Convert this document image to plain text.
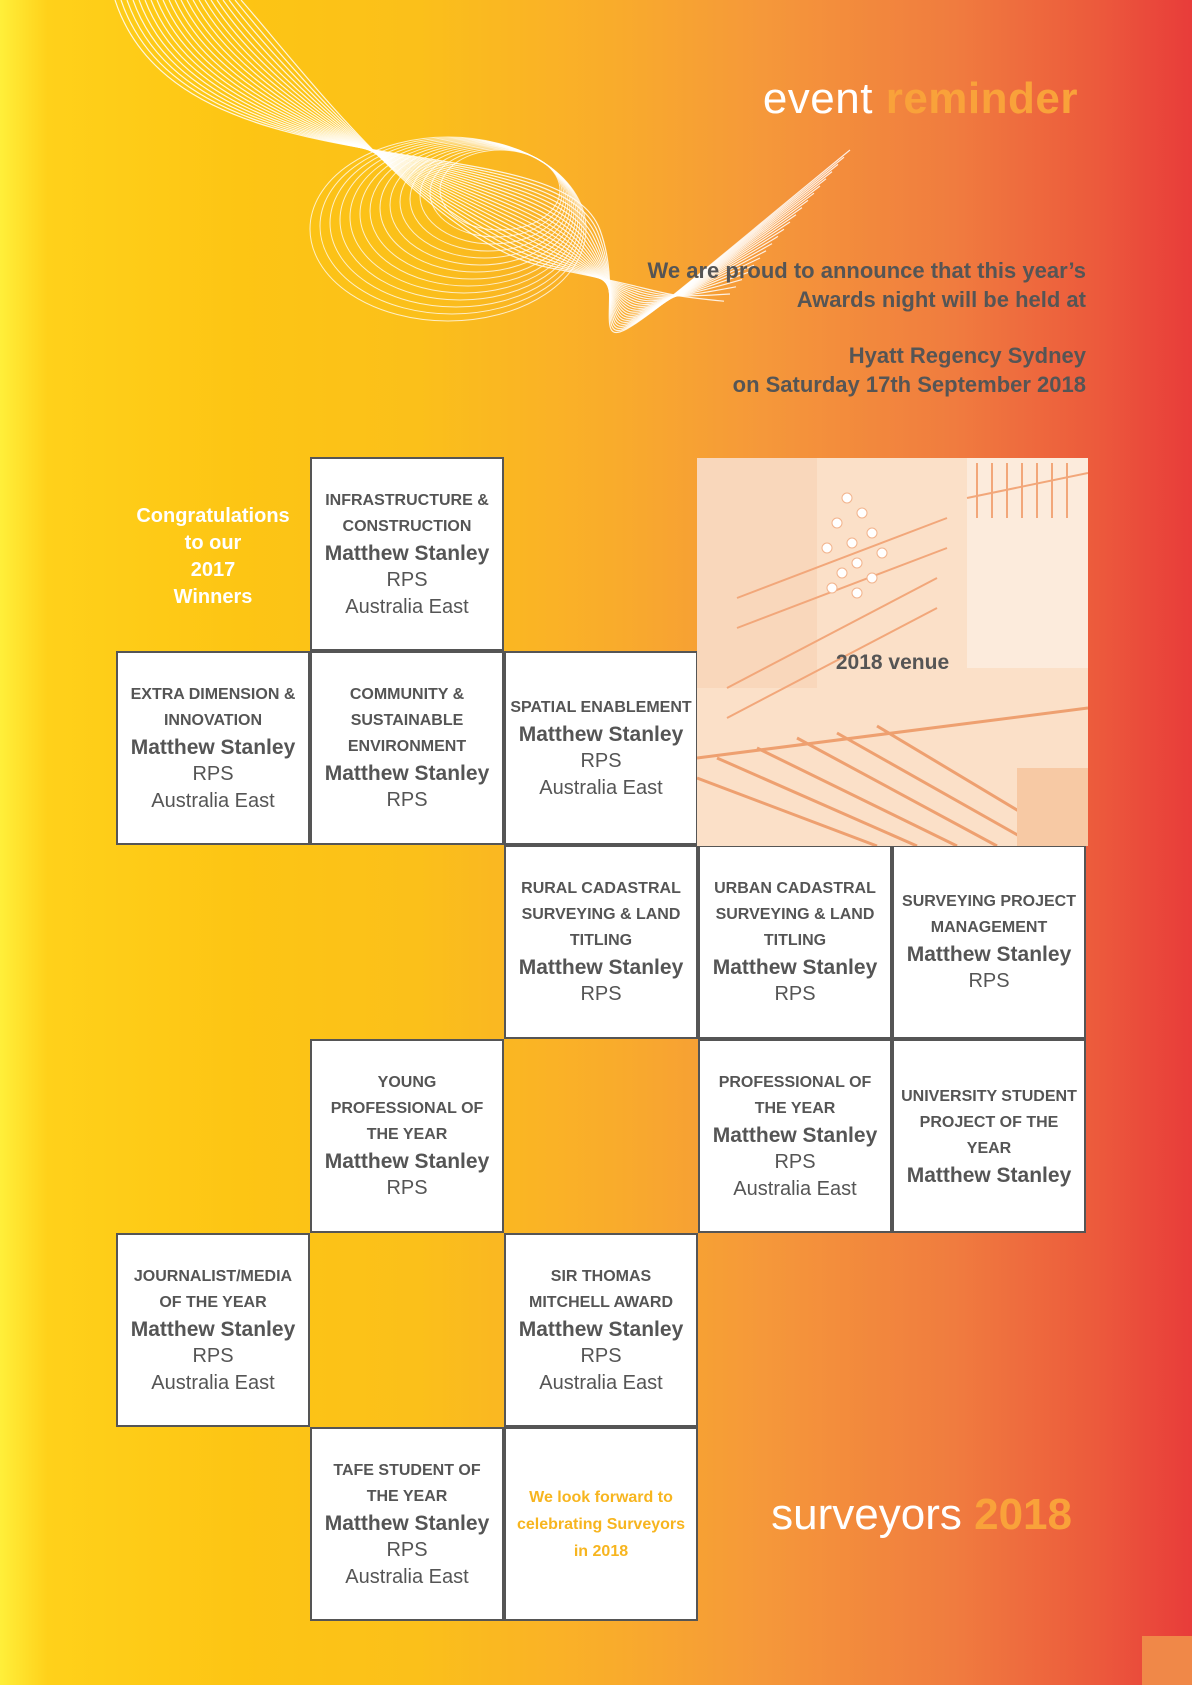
event reminder

We are proud to announce that this year’s

Awards night will be held at

Hyatt Regency Sydney

on Saturday 17th September 2018

Congratulations
to our
2017
Winners
INFRASTRUCTURE & CONSTRUCTION
Matthew Stanley
RPS
Australia East
EXTRA DIMENSION & INNOVATION
Matthew Stanley
RPS
Australia East
COMMUNITY & SUSTAINABLE ENVIRONMENT
Matthew Stanley
RPS
SPATIAL ENABLEMENT
Matthew Stanley
RPS
Australia East
RURAL CADASTRAL SURVEYING & LAND TITLING
Matthew Stanley
RPS
URBAN CADASTRAL SURVEYING & LAND TITLING
Matthew Stanley
RPS
SURVEYING PROJECT MANAGEMENT
Matthew Stanley
RPS
YOUNG PROFESSIONAL OF THE YEAR
Matthew Stanley
RPS
PROFESSIONAL OF THE YEAR
Matthew Stanley
RPS
Australia East
UNIVERSITY STUDENT PROJECT OF THE YEAR
Matthew Stanley
JOURNALIST/MEDIA OF THE YEAR
Matthew Stanley
RPS
Australia East
SIR THOMAS MITCHELL AWARD
Matthew Stanley
RPS
Australia East
TAFE STUDENT OF THE YEAR
Matthew Stanley
RPS
Australia East
We look forward to
celebrating Surveyors
in 2018
2018 venue
surveyors 2018
